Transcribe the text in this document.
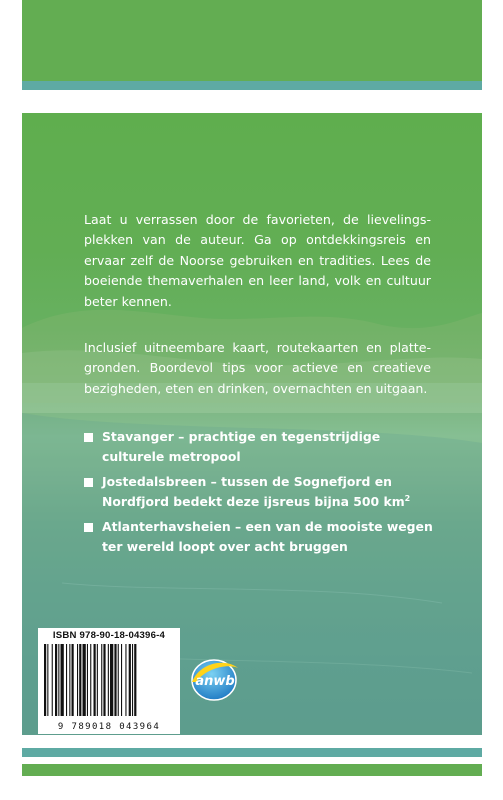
Laat u verrassen door de favorieten, de lievelings-plekken van de auteur. Ga op ontdekkingsreis en ervaar zelf de Noorse gebruiken en tradities. Lees de boeiende themaverhalen en leer land, volk en cultuur beter kennen.

Inclusief uitneembare kaart, routekaarten en platte-gronden. Boordevol tips voor actieve en creatieve bezigheden, eten en drinken, overnachten en uitgaan.

Stavanger – prachtige en tegenstrijdige culturele metropool
Jostedalsbreen – tussen de Sognefjord en Nordfjord bedekt deze ijsreus bijna 500 $km^2$
Atlanterhavsheien – een van de mooiste wegen ter wereld loopt over acht bruggen
ISBN 978-90-18-04396-4
9 789018 043964
anwb
